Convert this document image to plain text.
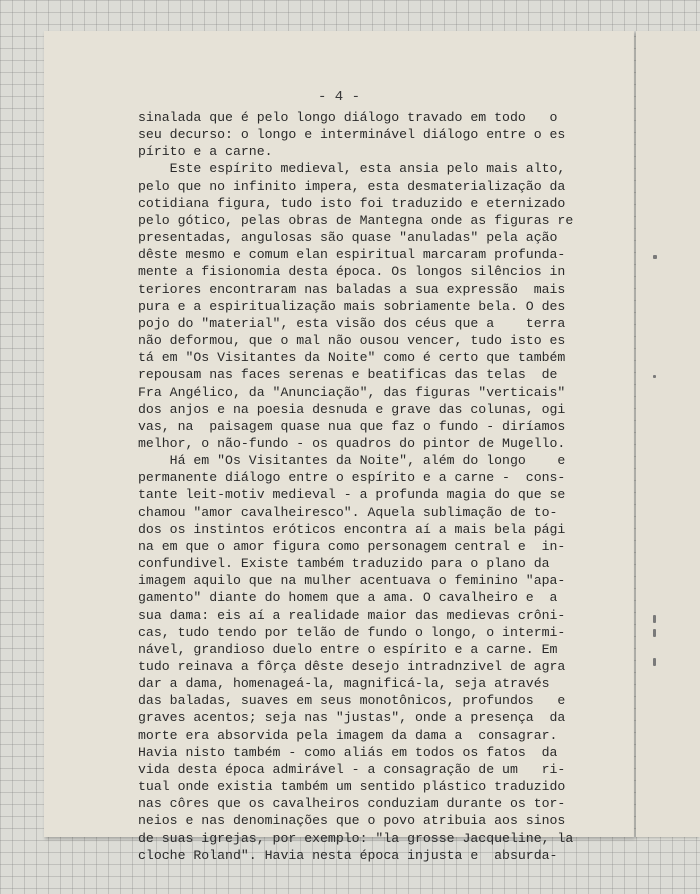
- 4 -
sinalada que é pelo longo diálogo travado em todo   o
seu decurso: o longo e interminável diálogo entre o es
pírito e a carne.
Este espírito medieval, esta ansia pelo mais alto,
pelo que no infinito impera, esta desmaterialização da
cotidiana figura, tudo isto foi traduzido e eternizado
pelo gótico, pelas obras de Mantegna onde as figuras re
presentadas, angulosas são quase "anuladas" pela ação
dêste mesmo e comum elan espiritual marcaram profunda-
mente a fisionomia desta época. Os longos silêncios in
teriores encontraram nas baladas a sua expressão  mais
pura e a espiritualização mais sobriamente bela. O des
pojo do "material", esta visão dos céus que a    terra
não deformou, que o mal não ousou vencer, tudo isto es
tá em "Os Visitantes da Noite" como é certo que também
repousam nas faces serenas e beatificas das telas  de
Fra Angélico, da "Anunciação", das figuras "verticais"
dos anjos e na poesia desnuda e grave das colunas, ogi
vas, na  paisagem quase nua que faz o fundo - diríamos
melhor, o não-fundo - os quadros do pintor de Mugello.
Há em "Os Visitantes da Noite", além do longo    e
permanente diálogo entre o espírito e a carne -  cons-
tante leit-motiv medieval - a profunda magia do que se
chamou "amor cavalheiresco". Aquela sublimação de to-
dos os instintos eróticos encontra aí a mais bela pági
na em que o amor figura como personagem central e  in-
confundivel. Existe também traduzido para o plano da
imagem aquilo que na mulher acentuava o feminino "apa-
gamento" diante do homem que a ama. O cavalheiro e  a
sua dama: eis aí a realidade maior das medievas crôni-
cas, tudo tendo por telão de fundo o longo, o intermi-
nável, grandioso duelo entre o espírito e a carne. Em
tudo reinava a fôrça dêste desejo intradnzivel de agra
dar a dama, homenageá-la, magnificá-la, seja através
das baladas, suaves em seus monotônicos, profundos   e
graves acentos; seja nas "justas", onde a presença  da
morte era absorvida pela imagem da dama a  consagrar.
Havia nisto também - como aliás em todos os fatos  da
vida desta época admirável - a consagração de um   ri-
tual onde existia também um sentido plástico traduzido
nas côres que os cavalheiros conduziam durante os tor-
neios e nas denominações que o povo atribuia aos sinos
de suas igrejas, por exemplo: "la grosse Jacqueline, la
cloche Roland". Havia nesta época injusta e  absurda-
